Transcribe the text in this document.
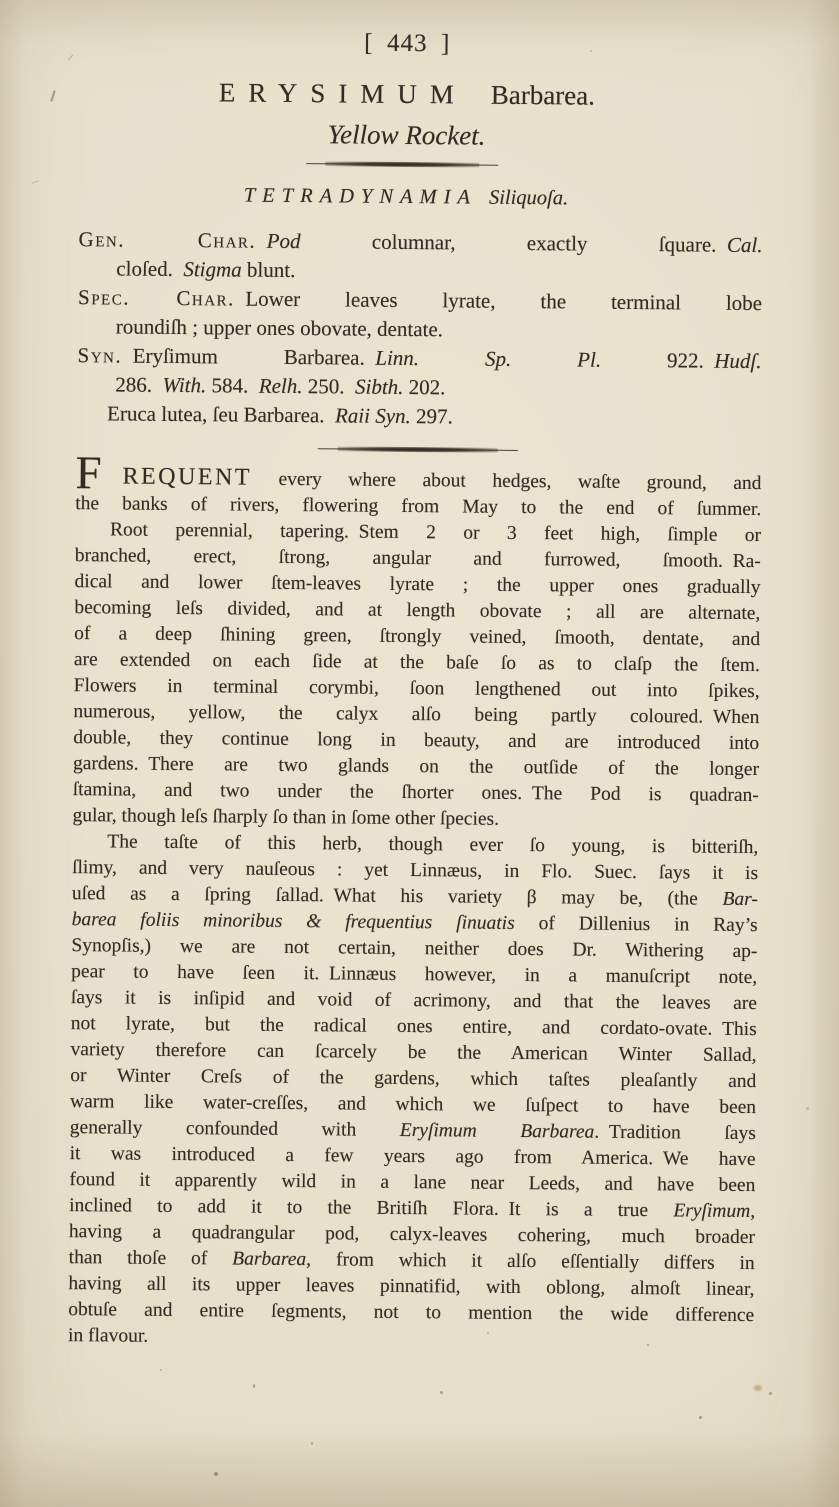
[ 443 ]
ERYSIMUM Barbarea.
Yellow Rocket.
TETRADYNAMIA Siliquoſa.
Gen. Char.  Pod columnar, exactly ſquare. Cal.
cloſed. Stigma blunt.
Spec. Char. Lower leaves lyrate, the terminal lobe
roundiſh ; upper ones obovate, dentate.
Syn. Eryſimum Barbarea. Linn. Sp. Pl. 922. Hudſ.
286. With. 584. Relh. 250. Sibth. 202.
Eruca lutea, ſeu Barbarea. Raii Syn. 297.
F REQUENT every where about hedges, waſte ground, and
the banks of rivers, flowering from May to the end of ſummer.
Root perennial, tapering. Stem 2 or 3 feet high, ſimple or
branched, erect, ſtrong, angular and furrowed, ſmooth. Ra-
dical and lower ſtem-leaves lyrate ; the upper ones gradually
becoming leſs divided, and at length obovate ; all are alternate,
of a deep ſhining green, ſtrongly veined, ſmooth, dentate, and
are extended on each ſide at the baſe ſo as to claſp the ſtem.
Flowers in terminal corymbi, ſoon lengthened out into ſpikes,
numerous, yellow, the calyx alſo being partly coloured. When
double, they continue long in beauty, and are introduced into
gardens. There are two glands on the outſide of the longer
ſtamina, and two under the ſhorter ones. The Pod is quadran-
gular, though leſs ſharply ſo than in ſome other ſpecies.
The taſte of this herb, though ever ſo young, is bitteriſh,
ſlimy, and very nauſeous : yet Linnæus, in Flo. Suec. ſays it is
uſed as a ſpring ſallad. What his variety β may be, (the Bar-
barea foliis minoribus & frequentius ſinuatis of Dillenius in Ray’s
Synopſis,) we are not certain, neither does Dr. Withering ap-
pear to have ſeen it. Linnæus however, in a manuſcript note,
ſays it is inſipid and void of acrimony, and that the leaves are
not lyrate, but the radical ones entire, and cordato-ovate. This
variety therefore can ſcarcely be the American Winter Sallad,
or Winter Creſs of the gardens, which taſtes pleaſantly and
warm like water-creſſes, and which we ſuſpect to have been
generally confounded with Eryſimum Barbarea. Tradition ſays
it was introduced a few years ago from America. We have
found it apparently wild in a lane near Leeds, and have been
inclined to add it to the Britiſh Flora. It is a true Eryſimum,
having a quadrangular pod, calyx-leaves cohering, much broader
than thoſe of Barbarea, from which it alſo eſſentially differs in
having all its upper leaves pinnatifid, with oblong, almoſt linear,
obtuſe and entire ſegments, not to mention the wide difference
in flavour.
